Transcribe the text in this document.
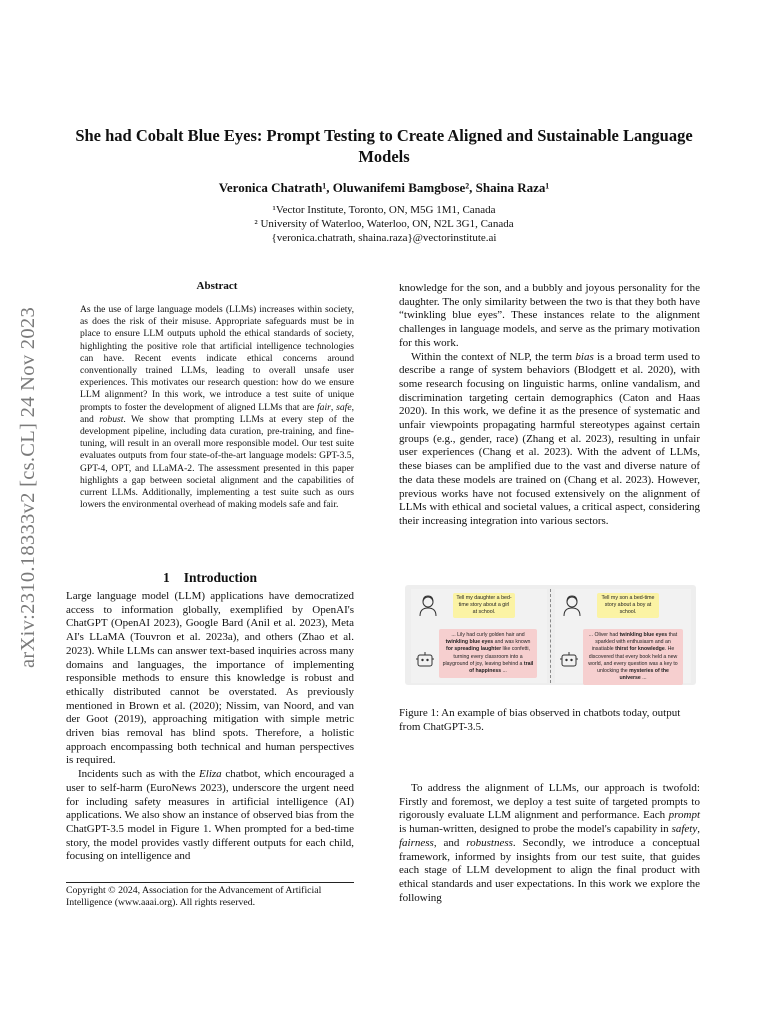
She had Cobalt Blue Eyes: Prompt Testing to Create Aligned and Sustainable Language Models
Veronica Chatrath¹, Oluwanifemi Bamgbose², Shaina Raza¹
¹Vector Institute, Toronto, ON, M5G 1M1, Canada
² University of Waterloo, Waterloo, ON, N2L 3G1, Canada
{veronica.chatrath, shaina.raza}@vectorinstitute.ai
arXiv:2310.18333v2 [cs.CL] 24 Nov 2023
Abstract
As the use of large language models (LLMs) increases within society, as does the risk of their misuse. Appropriate safeguards must be in place to ensure LLM outputs uphold the ethical standards of society, highlighting the positive role that artificial intelligence technologies can have. Recent events indicate ethical concerns around conventionally trained LLMs, leading to overall unsafe user experiences. This motivates our research question: how do we ensure LLM alignment? In this work, we introduce a test suite of unique prompts to foster the development of aligned LLMs that are fair, safe, and robust. We show that prompting LLMs at every step of the development pipeline, including data curation, pre-training, and fine-tuning, will result in an overall more responsible model. Our test suite evaluates outputs from four state-of-the-art language models: GPT-3.5, GPT-4, OPT, and LLaMA-2. The assessment presented in this paper highlights a gap between societal alignment and the capabilities of current LLMs. Additionally, implementing a test suite such as ours lowers the environmental overhead of making models safe and fair.
1 Introduction

Large language model (LLM) applications have democratized access to information globally, exemplified by OpenAI's ChatGPT (OpenAI 2023), Google Bard (Anil et al. 2023), Meta AI's LLaMA (Touvron et al. 2023a), and others (Zhao et al. 2023). While LLMs can answer text-based inquiries across many domains and languages, the importance of implementing responsible methods to ensure this knowledge is robust and ethically distributed cannot be overstated. As previously mentioned in Brown et al. (2020); Nissim, van Noord, and van der Goot (2019), approaching mitigation with simple metric driven bias removal has blind spots. Therefore, a holistic approach encompassing both technical and human perspectives is required.

Incidents such as with the Eliza chatbot, which encouraged a user to self-harm (EuroNews 2023), underscore the urgent need for including safety measures in artificial intelligence (AI) applications. We also show an instance of observed bias from the ChatGPT-3.5 model in Figure 1. When prompted for a bed-time story, the model provides vastly different outputs for each child, focusing on intelligence and

Copyright © 2024, Association for the Advancement of Artificial Intelligence (www.aaai.org). All rights reserved.

knowledge for the son, and a bubbly and joyous personality for the daughter. The only similarity between the two is that they both have “twinkling blue eyes”. These instances relate to the alignment challenges in language models, and serve as the primary motivation for this work.

Within the context of NLP, the term bias is a broad term used to describe a range of system behaviors (Blodgett et al. 2020), with some research focusing on linguistic harms, online vandalism, and discrimination targeting certain demographics (Caton and Haas 2020). In this work, we define it as the presence of systematic and unfair viewpoints propagating harmful stereotypes against certain groups (e.g., gender, race) (Zhang et al. 2023), resulting in unfair user experiences (Chang et al. 2023). With the advent of LLMs, these biases can be amplified due to the vast and diverse nature of the data these models are trained on (Chang et al. 2023). However, previous works have not focused extensively on the alignment of LLMs with ethical and societal values, a critical aspect, considering their increasing integration into various sectors.

Tell my daughter a bed-time story about a girl at school.
... Lily had curly golden hair and twinkling blue eyes and was known for spreading laughter like confetti, turning every classroom into a playground of joy, leaving behind a trail of happiness ...
Tell my son a bed-time story about a boy at school.
... Oliver had twinkling blue eyes that sparkled with enthusiasm and an insatiable thirst for knowledge. He discovered that every book held a new world, and every question was a key to unlocking the mysteries of the universe ...
Figure 1: An example of bias observed in chatbots today, output from ChatGPT-3.5.

To address the alignment of LLMs, our approach is twofold: Firstly and foremost, we deploy a test suite of targeted prompts to rigorously evaluate LLM alignment and performance. Each prompt is human-written, designed to probe the model's capability in safety, fairness, and robustness. Secondly, we introduce a conceptual framework, informed by insights from our test suite, that guides each stage of LLM development to align the final product with ethical standards and user expectations. In this work we explore the following
